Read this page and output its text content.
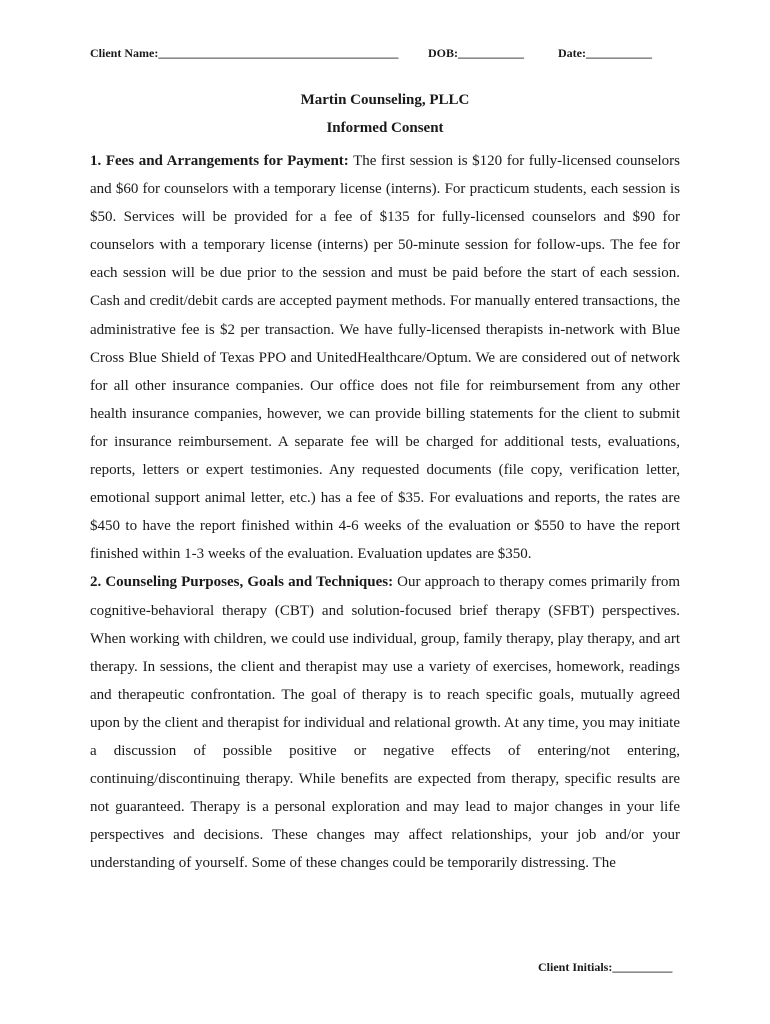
Client Name:________________________________________ DOB:___________	Date:___________
Martin Counseling, PLLC
Informed Consent

1. Fees and Arrangements for Payment: The first session is $120 for fully-licensed counselors and $60 for counselors with a temporary license (interns). For practicum students, each session is $50. Services will be provided for a fee of $135 for fully-licensed counselors and $90 for counselors with a temporary license (interns) per 50-minute session for follow-ups. The fee for each session will be due prior to the session and must be paid before the start of each session. Cash and credit/debit cards are accepted payment methods. For manually entered transactions, the administrative fee is $2 per transaction. We have fully-licensed therapists in-network with Blue Cross Blue Shield of Texas PPO and UnitedHealthcare/Optum. We are considered out of network for all other insurance companies. Our office does not file for reimbursement from any other health insurance companies, however, we can provide billing statements for the client to submit for insurance reimbursement. A separate fee will be charged for additional tests, evaluations, reports, letters or expert testimonies. Any requested documents (file copy, verification letter, emotional support animal letter, etc.) has a fee of $35. For evaluations and reports, the rates are $450 to have the report finished within 4-6 weeks of the evaluation or $550 to have the report finished within 1-3 weeks of the evaluation. Evaluation updates are $350.

2. Counseling Purposes, Goals and Techniques: Our approach to therapy comes primarily from cognitive-behavioral therapy (CBT) and solution-focused brief therapy (SFBT) perspectives. When working with children, we could use individual, group, family therapy, play therapy, and art therapy. In sessions, the client and therapist may use a variety of exercises, homework, readings and therapeutic confrontation. The goal of therapy is to reach specific goals, mutually agreed upon by the client and therapist for individual and relational growth. At any time, you may initiate a discussion of possible positive or negative effects of entering/not entering, continuing/discontinuing therapy. While benefits are expected from therapy, specific results are not guaranteed. Therapy is a personal exploration and may lead to major changes in your life perspectives and decisions. These changes may affect relationships, your job and/or your understanding of yourself. Some of these changes could be temporarily distressing. The

Client Initials:__________
